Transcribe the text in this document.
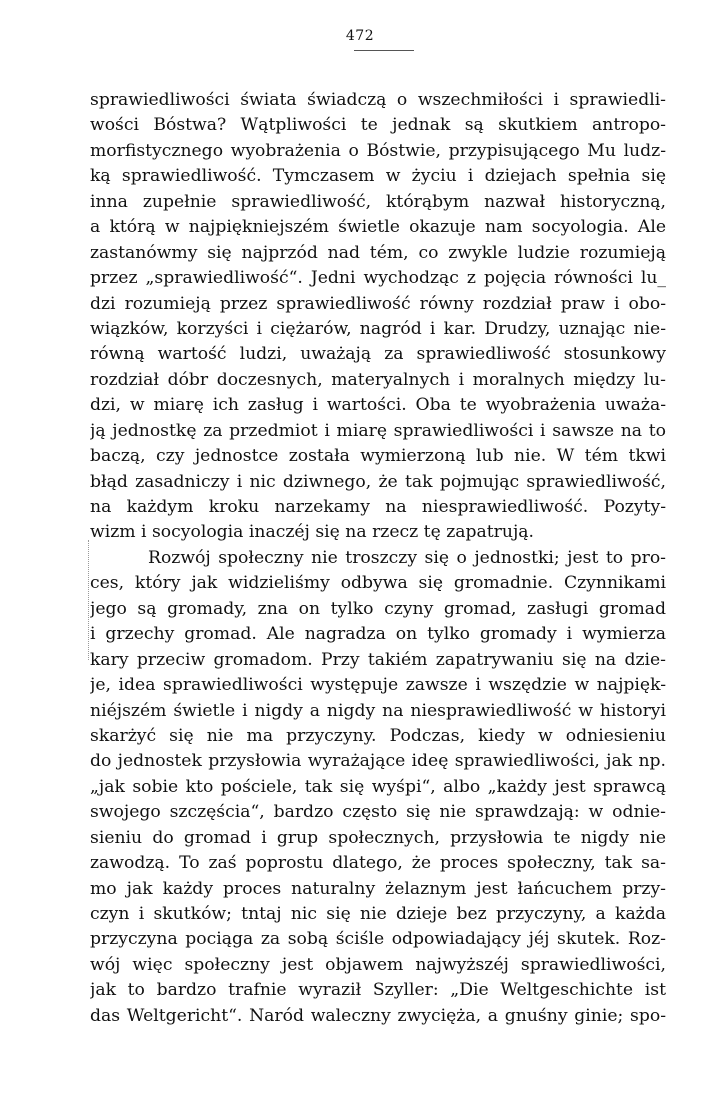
472
sprawiedliwości świata świadczą o wszechmiłości i sprawiedli-
wości Bóstwa? Wątpliwości te jednak są skutkiem antropo-
morfistycznego wyobrażenia o Bóstwie, przypisującego Mu ludz-
ką sprawiedliwość. Tymczasem w życiu i dziejach spełnia się
inna zupełnie sprawiedliwość, którąbym nazwał historyczną,
a którą w najpiękniejszém świetle okazuje nam socyologia. Ale
zastanówmy się najprzód nad tém, co zwykle ludzie rozumieją
przez „sprawiedliwość“. Jedni wychodząc z pojęcia równości lu_
dzi rozumieją przez sprawiedliwość równy rozdział praw i obo-
wiązków, korzyści i ciężarów, nagród i kar. Drudzy, uznając nie-
równą wartość ludzi, uważają za sprawiedliwość stosunkowy
rozdział dóbr doczesnych, materyalnych i moralnych między lu-
dzi, w miarę ich zasług i wartości. Oba te wyobrażenia uważa-
ją jednostkę za przedmiot i miarę sprawiedliwości i sawsze na to
baczą, czy jednostce została wymierzoną lub nie. W tém tkwi
błąd zasadniczy i nic dziwnego, że tak pojmując sprawiedliwość,
na każdym kroku narzekamy na niesprawiedliwość. Pozyty-
wizm i socyologia inaczéj się na rzecz tę zapatrują.
Rozwój społeczny nie troszczy się o jednostki; jest to pro-
ces, który jak widzieliśmy odbywa się gromadnie. Czynnikami
jego są gromady, zna on tylko czyny gromad, zasługi gromad
i grzechy gromad. Ale nagradza on tylko gromady i wymierza
kary przeciw gromadom. Przy takiém zapatrywaniu się na dzie-
je, idea sprawiedliwości występuje zawsze i wszędzie w najpięk-
niéjszém świetle i nigdy a nigdy na niesprawiedliwość w historyi
skarżyć się nie ma przyczyny. Podczas, kiedy w odniesieniu
do jednostek przysłowia wyrażające ideę sprawiedliwości, jak np.
„jak sobie kto pościele, tak się wyśpi“, albo „każdy jest sprawcą
swojego szczęścia“, bardzo często się nie sprawdzają: w odnie-
sieniu do gromad i grup społecznych, przysłowia te nigdy nie
zawodzą. To zaś poprostu dlatego, że proces społeczny, tak sa-
mo jak każdy proces naturalny żelaznym jest łańcuchem przy-
czyn i skutków; tntaj nic się nie dzieje bez przyczyny, a każda
przyczyna pociąga za sobą ściśle odpowiadający jéj skutek. Roz-
wój więc społeczny jest objawem najwyższéj sprawiedliwości,
jak to bardzo trafnie wyraził Szyller: „Die Weltgeschichte ist
das Weltgericht“. Naród waleczny zwycięża, a gnuśny ginie; spo-
